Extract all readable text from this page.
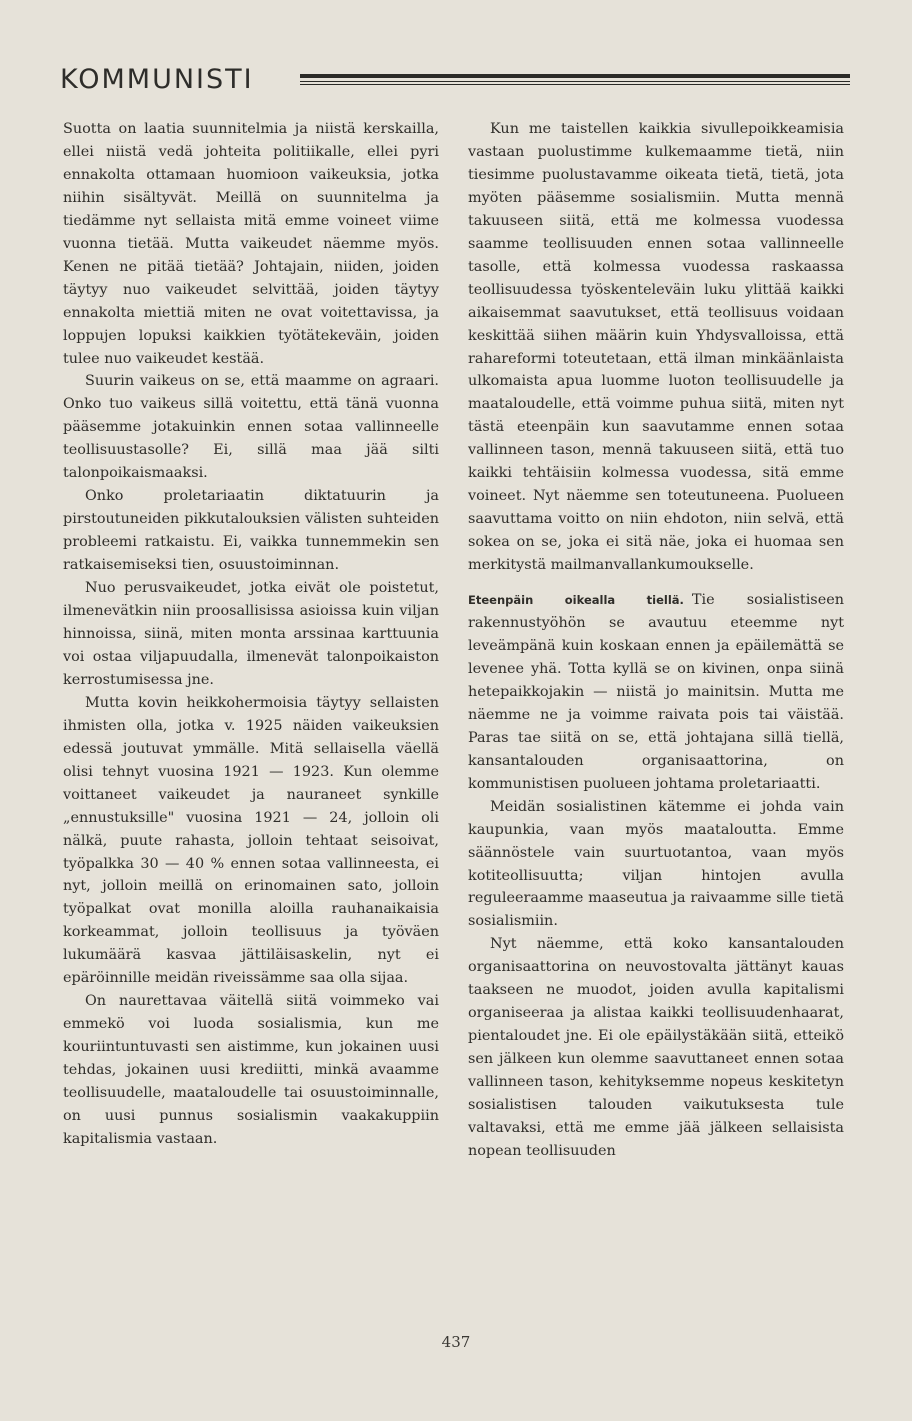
KOMMUNISTI

Suotta on laatia suunnitelmia ja niistä kerskailla, ellei niistä vedä johteita politiikalle, ellei pyri ennakolta ottamaan huomioon vaikeuksia, jotka niihin sisältyvät. Meillä on suunnitelma ja tiedämme nyt sellaista mitä emme voineet viime vuonna tietää. Mutta vaikeudet näemme myös. Kenen ne pitää tietää? Johtajain, niiden, joiden täytyy nuo vaikeudet selvittää, joiden täytyy ennakolta miettiä miten ne ovat voitettavissa, ja loppujen lopuksi kaikkien työtätekeväin, joiden tulee nuo vaikeudet kestää.

Suurin vaikeus on se, että maamme on agraari. Onko tuo vaikeus sillä voitettu, että tänä vuonna pääsemme jotakuinkin ennen sotaa vallinneelle teollisuustasolle? Ei, sillä maa jää silti talonpoikaismaaksi.

Onko proletariaatin diktatuurin ja pirstoutuneiden pikkutalouksien välisten suhteiden probleemi ratkaistu. Ei, vaikka tunnemmekin sen ratkaisemiseksi tien, osuustoiminnan.

Nuo perusvaikeudet, jotka eivät ole poistetut, ilmenevätkin niin proosallisissa asioissa kuin viljan hinnoissa, siinä, miten monta arssinaa karttuunia voi ostaa viljapuudalla, ilmenevät talonpoikaiston kerrostumisessa jne.

Mutta kovin heikkohermoisia täytyy sellaisten ihmisten olla, jotka v. 1925 näiden vaikeuksien edessä joutuvat ymmälle. Mitä sellaisella väellä olisi tehnyt vuosina 1921 — 1923. Kun olemme voittaneet vaikeudet ja nauraneet synkille „ennustuksille" vuosina 1921 — 24, jolloin oli nälkä, puute rahasta, jolloin tehtaat seisoivat, työpalkka 30 — 40 % ennen sotaa vallinneesta, ei nyt, jolloin meillä on erinomainen sato, jolloin työpalkat ovat monilla aloilla rauhanaikaisia korkeammat, jolloin teollisuus ja työväen lukumäärä kasvaa jättiläisaskelin, nyt ei epäröinnille meidän riveissämme saa olla sijaa.

On naurettavaa väitellä siitä voimmeko vai emmekö voi luoda sosialismia, kun me kouriintuntuvasti sen aistimme, kun jokainen uusi tehdas, jokainen uusi krediitti, minkä avaamme teollisuudelle, maataloudelle tai osuustoiminnalle, on uusi punnus sosialismin vaakakuppiin kapitalismia vastaan.

Kun me taistellen kaikkia sivullepoikkeamisia vastaan puolustimme kulkemaamme tietä, niin tiesimme puolustavamme oikeata tietä, tietä, jota myöten pääsemme sosialismiin. Mutta mennä takuuseen siitä, että me kolmessa vuodessa saamme teollisuuden ennen sotaa vallinneelle tasolle, että kolmessa vuodessa raskaassa teollisuudessa työskenteleväin luku ylittää kaikki aikaisemmat saavutukset, että teollisuus voidaan keskittää siihen määrin kuin Yhdysvalloissa, että rahareformi toteutetaan, että ilman minkäänlaista ulkomaista apua luomme luoton teollisuudelle ja maataloudelle, että voimme puhua siitä, miten nyt tästä eteenpäin kun saavutamme ennen sotaa vallinneen tason, mennä takuuseen siitä, että tuo kaikki tehtäisiin kolmessa vuodessa, sitä emme voineet. Nyt näemme sen toteutuneena. Puolueen saavuttama voitto on niin ehdoton, niin selvä, että sokea on se, joka ei sitä näe, joka ei huomaa sen merkitystä mailmanvallankumoukselle.

Eteenpäin oikealla tiellä. Tie sosialistiseen rakennustyöhön se avautuu eteemme nyt leveämpänä kuin koskaan ennen ja epäilemättä se levenee yhä. Totta kyllä se on kivinen, onpa siinä hetepaikkojakin — niistä jo mainitsin. Mutta me näemme ne ja voimme raivata pois tai väistää. Paras tae siitä on se, että johtajana sillä tiellä, kansantalouden organisaattorina, on kommunistisen puolueen johtama proletariaatti.

Meidän sosialistinen kätemme ei johda vain kaupunkia, vaan myös maataloutta. Emme säännöstele vain suurtuotantoa, vaan myös kotiteollisuutta; viljan hintojen avulla reguleeraamme maaseutua ja raivaamme sille tietä sosialismiin.

Nyt näemme, että koko kansantalouden organisaattorina on neuvostovalta jättänyt kauas taakseen ne muodot, joiden avulla kapitalismi organiseeraa ja alistaa kaikki teollisuudenhaarat, pientaloudet jne. Ei ole epäilystäkään siitä, etteikö sen jälkeen kun olemme saavuttaneet ennen sotaa vallinneen tason, kehityksemme nopeus keskitetyn sosialistisen talouden vaikutuksesta tule valtavaksi, että me emme jää jälkeen sellaisista nopean teollisuuden

437
